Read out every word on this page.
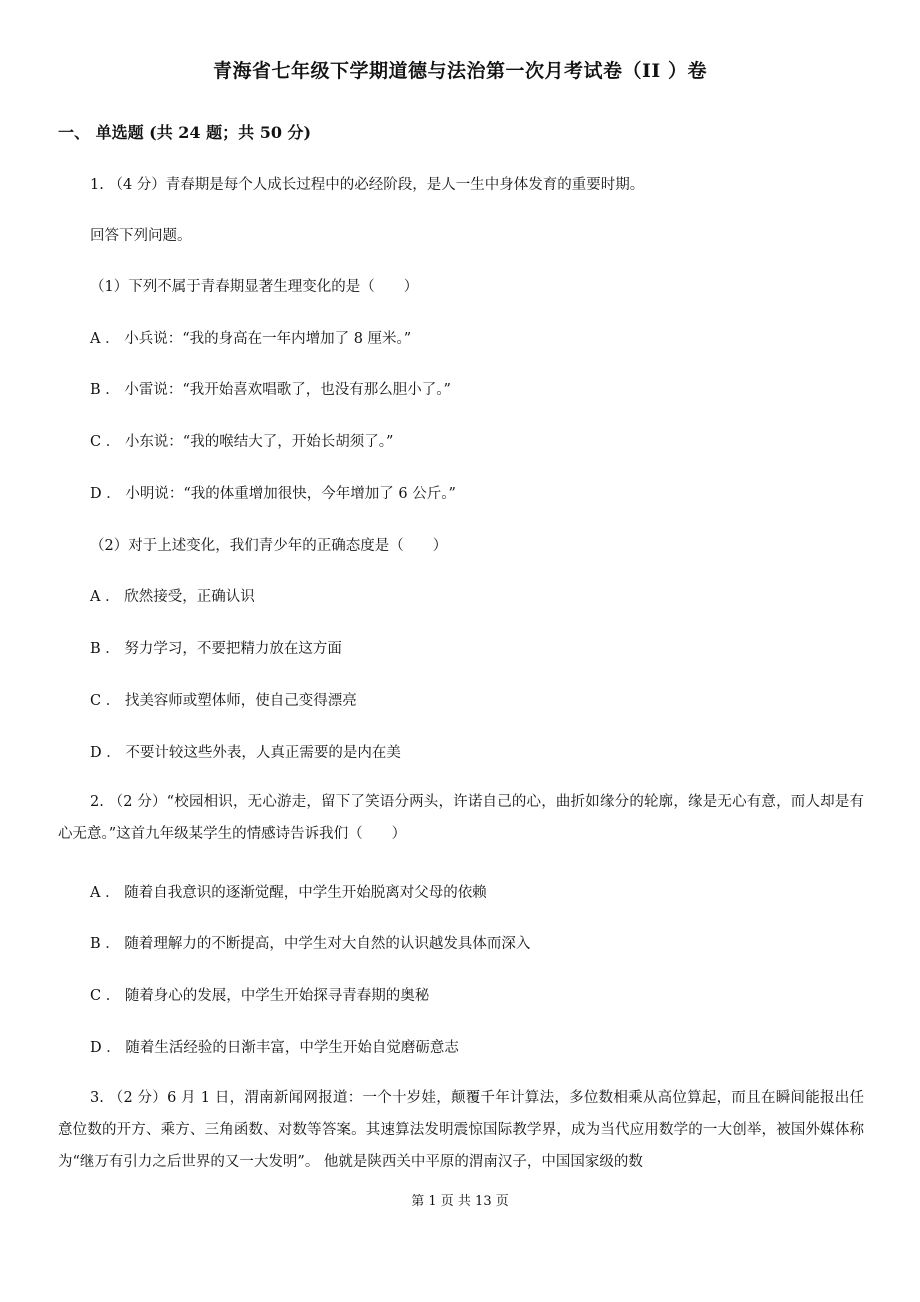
青海省七年级下学期道德与法治第一次月考试卷（II ）卷
一、 单选题 (共 24 题；共 50 分)
1. （4 分）青春期是每个人成长过程中的必经阶段，是人一生中身体发育的重要时期。
回答下列问题。
（1）下列不属于青春期显著生理变化的是（　　）
A ． 小兵说：“我的身高在一年内增加了 8 厘米。”
B ． 小雷说：“我开始喜欢唱歌了，也没有那么胆小了。”
C ． 小东说：“我的喉结大了，开始长胡须了。”
D ． 小明说：“我的体重增加很快，今年增加了 6 公斤。”
（2）对于上述变化，我们青少年的正确态度是（　　）
A ． 欣然接受，正确认识
B ． 努力学习，不要把精力放在这方面
C ． 找美容师或塑体师，使自己变得漂亮
D ． 不要计较这些外表，人真正需要的是内在美

2. （2 分）“校园相识，无心游走，留下了笑语分两头，许诺自己的心，曲折如缘分的轮廓，缘是无心有意，而人却是有心无意。”这首九年级某学生的情感诗告诉我们（　　）

A ． 随着自我意识的逐渐觉醒，中学生开始脱离对父母的依赖
B ． 随着理解力的不断提高，中学生对大自然的认识越发具体而深入
C ． 随着身心的发展，中学生开始探寻青春期的奥秘
D ． 随着生活经验的日渐丰富，中学生开始自觉磨砺意志

3. （2 分）6 月 1 日，渭南新闻网报道：一个十岁娃，颠覆千年计算法，多位数相乘从高位算起，而且在瞬间能报出任意位数的开方、乘方、三角函数、对数等答案。其速算法发明震惊国际教学界，成为当代应用数学的一大创举，被国外媒体称为“继万有引力之后世界的又一大发明”。 他就是陕西关中平原的渭南汉子，中国国家级的数

第 1 页 共 13 页
